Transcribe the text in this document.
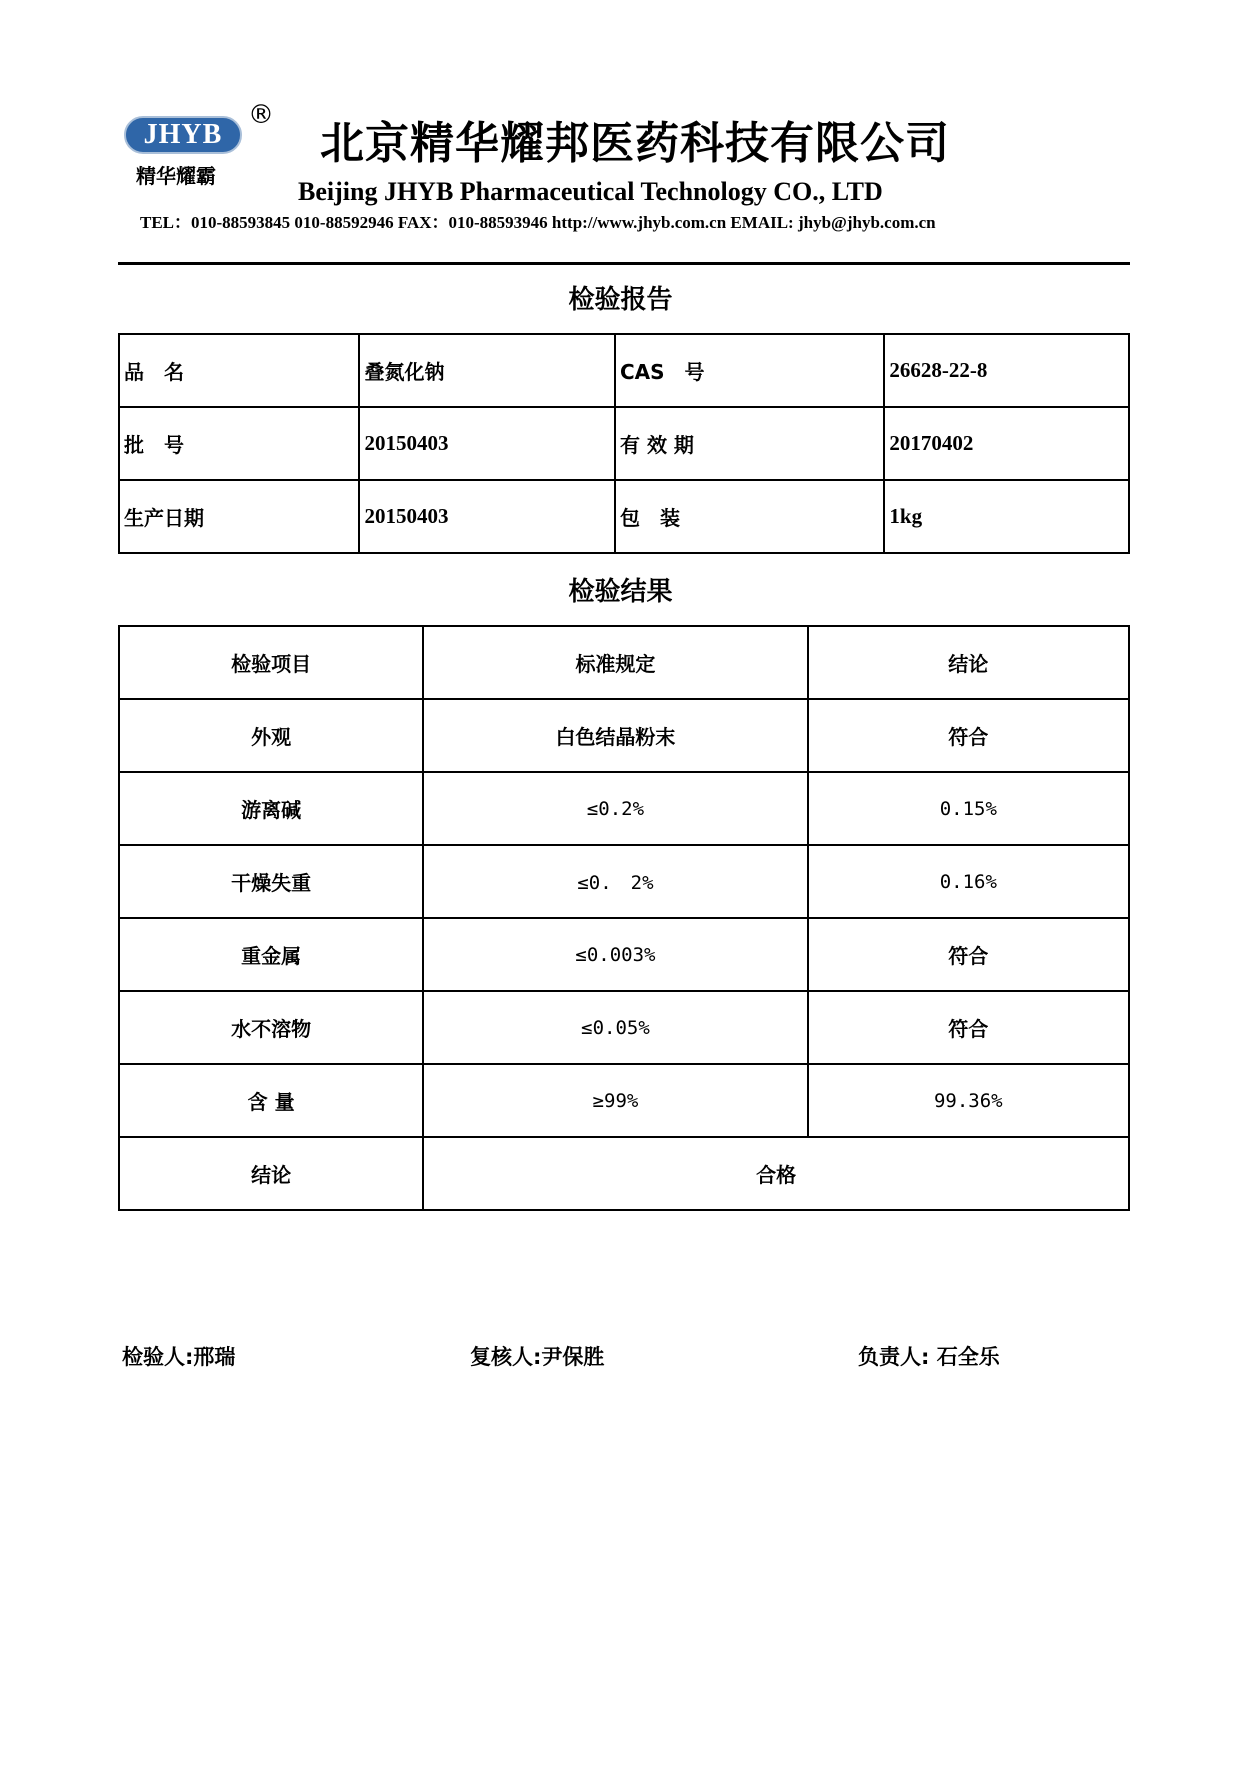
JHYB
®
精华耀霸
北京精华耀邦医药科技有限公司
Beijing JHYB Pharmaceutical Technology CO., LTD
TEL：010-88593845 010-88592946 FAX：010-88593946 http://www.jhyb.com.cn EMAIL: jhyb@jhyb.com.cn
检验报告
品　名	叠氮化钠	CAS　号	26628-22-8
批　号	20150403	有 效 期	20170402
生产日期	20150403	包　装	1kg
检验结果
检验项目	标准规定	结论
外观	白色结晶粉末	符合
游离碱	≤0.2%	0.15%
干燥失重	≤0.　2%	0.16%
重金属	≤0.003%	符合
水不溶物	≤0.05%	符合
含 量	≥99%	99.36%
结论	合格	
检验人:邢瑞	复核人:尹保胜	负责人: 石全乐
